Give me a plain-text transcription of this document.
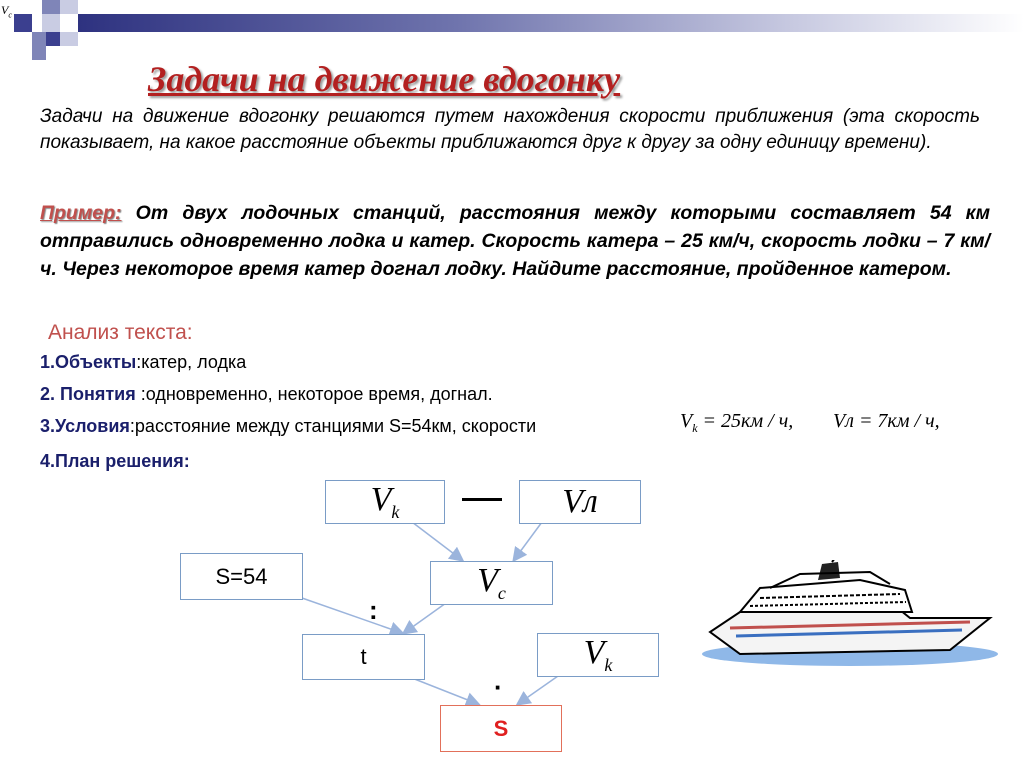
$V_c$
Задачи на движение вдогонку
Задачи на движение вдогонку решаются путем нахождения скорости приближения (эта скорость показывает, на какое расстояние объекты приближаются друг к другу за одну единицу времени).
Пример: От двух лодочных станций, расстояния между которыми составляет 54 км отправились одновременно лодка и катер. Скорость катера – 25 км/ч, скорость лодки – 7 км/ч. Через некоторое время катер догнал лодку. Найдите расстояние, пройденное катером.
Анализ текста:
1.Объекты:катер, лодка
2. Понятия :одновременно, некоторое время, догнал.
3.Условия:расстояние между станциями S=54км, скорости
4.План решения:
$V_k = 25км / ч$, Vл = 7км / ч,
$V_k$	Vл
S=54	$V_c$
:
t	$V_k$
·
S
